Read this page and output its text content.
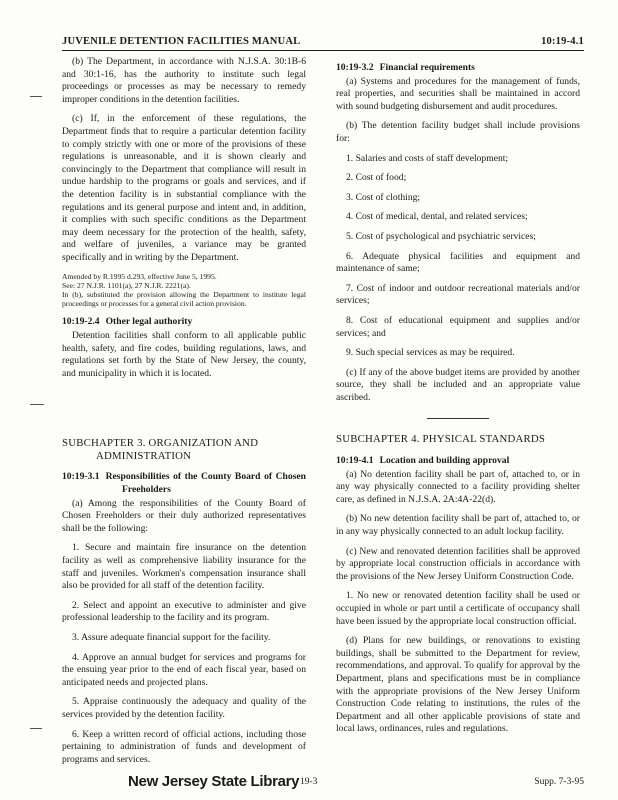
JUVENILE DETENTION FACILITIES MANUAL	10:19-4.1

(b) The Department, in accordance with N.J.S.A. 30:1B-6 and 30:1-16, has the authority to institute such legal proceedings or processes as may be necessary to remedy improper conditions in the detention facilities.

(c) If, in the enforcement of these regulations, the Department finds that to require a particular detention facility to comply strictly with one or more of the provisions of these regulations is unreasonable, and it is shown clearly and convincingly to the Department that compliance will result in undue hardship to the programs or goals and services, and if the detention facility is in substantial compliance with the regulations and its general purpose and intent and, in addition, it complies with such specific conditions as the Department may deem necessary for the protection of the health, safety, and welfare of juveniles, a variance may be granted specifically and in writing by the Department.

Amended by R.1995 d.293, effective June 5, 1995.

See: 27 N.J.R. 1101(a), 27 N.J.R. 2221(a).

In (b), substituted the provision allowing the Department to institute legal proceedings or processes for a general civil action provision.

10:19-2.4 Other legal authority

Detention facilities shall conform to all applicable public health, safety, and fire codes, building regulations, laws, and regulations set forth by the State of New Jersey, the county, and municipality in which it is located.

SUBCHAPTER 3. ORGANIZATION AND
ADMINISTRATION

10:19-3.1 Responsibilities of the County Board of Chosen Freeholders

(a) Among the responsibilities of the County Board of Chosen Freeholders or their duly authorized representatives shall be the following:

1. Secure and maintain fire insurance on the detention facility as well as comprehensive liability insurance for the staff and juveniles. Workmen's compensation insurance shall also be provided for all staff of the detention facility.

2. Select and appoint an executive to administer and give professional leadership to the facility and its program.

3. Assure adequate financial support for the facility.

4. Approve an annual budget for services and programs for the ensuing year prior to the end of each fiscal year, based on anticipated needs and projected plans.

5. Appraise continuously the adequacy and quality of the services provided by the detention facility.

6. Keep a written record of official actions, including those pertaining to administration of funds and development of programs and services.

10:19-3.2 Financial requirements

(a) Systems and procedures for the management of funds, real properties, and securities shall be maintained in accord with sound budgeting disbursement and audit procedures.

(b) The detention facility budget shall include provisions for:

1. Salaries and costs of staff development;

2. Cost of food;

3. Cost of clothing;

4. Cost of medical, dental, and related services;

5. Cost of psychological and psychiatric services;

6. Adequate physical facilities and equipment and maintenance of same;

7. Cost of indoor and outdoor recreational materials and/or services;

8. Cost of educational equipment and supplies and/or services; and

9. Such special services as may be required.

(c) If any of the above budget items are provided by another source, they shall be included and an appropriate value ascribed.

SUBCHAPTER 4. PHYSICAL STANDARDS

10:19-4.1 Location and building approval

(a) No detention facility shall be part of, attached to, or in any way physically connected to a facility providing shelter care, as defined in N.J.S.A. 2A:4A-22(d).

(b) No new detention facility shall be part of, attached to, or in any way physically connected to an adult lockup facility.

(c) New and renovated detention facilities shall be approved by appropriate local construction officials in accordance with the provisions of the New Jersey Uniform Construction Code.

1. No new or renovated detention facility shall be used or occupied in whole or part until a certificate of occupancy shall have been issued by the appropriate local construction official.

(d) Plans for new buildings, or renovations to existing buildings, shall be submitted to the Department for review, recommendations, and approval. To qualify for approval by the Department, plans and specifications must be in compliance with the appropriate provisions of the New Jersey Uniform Construction Code relating to institutions, the rules of the Department and all other applicable provisions of state and local laws, ordinances, rules and regulations.

New Jersey State Library 19-3	Supp. 7-3-95
